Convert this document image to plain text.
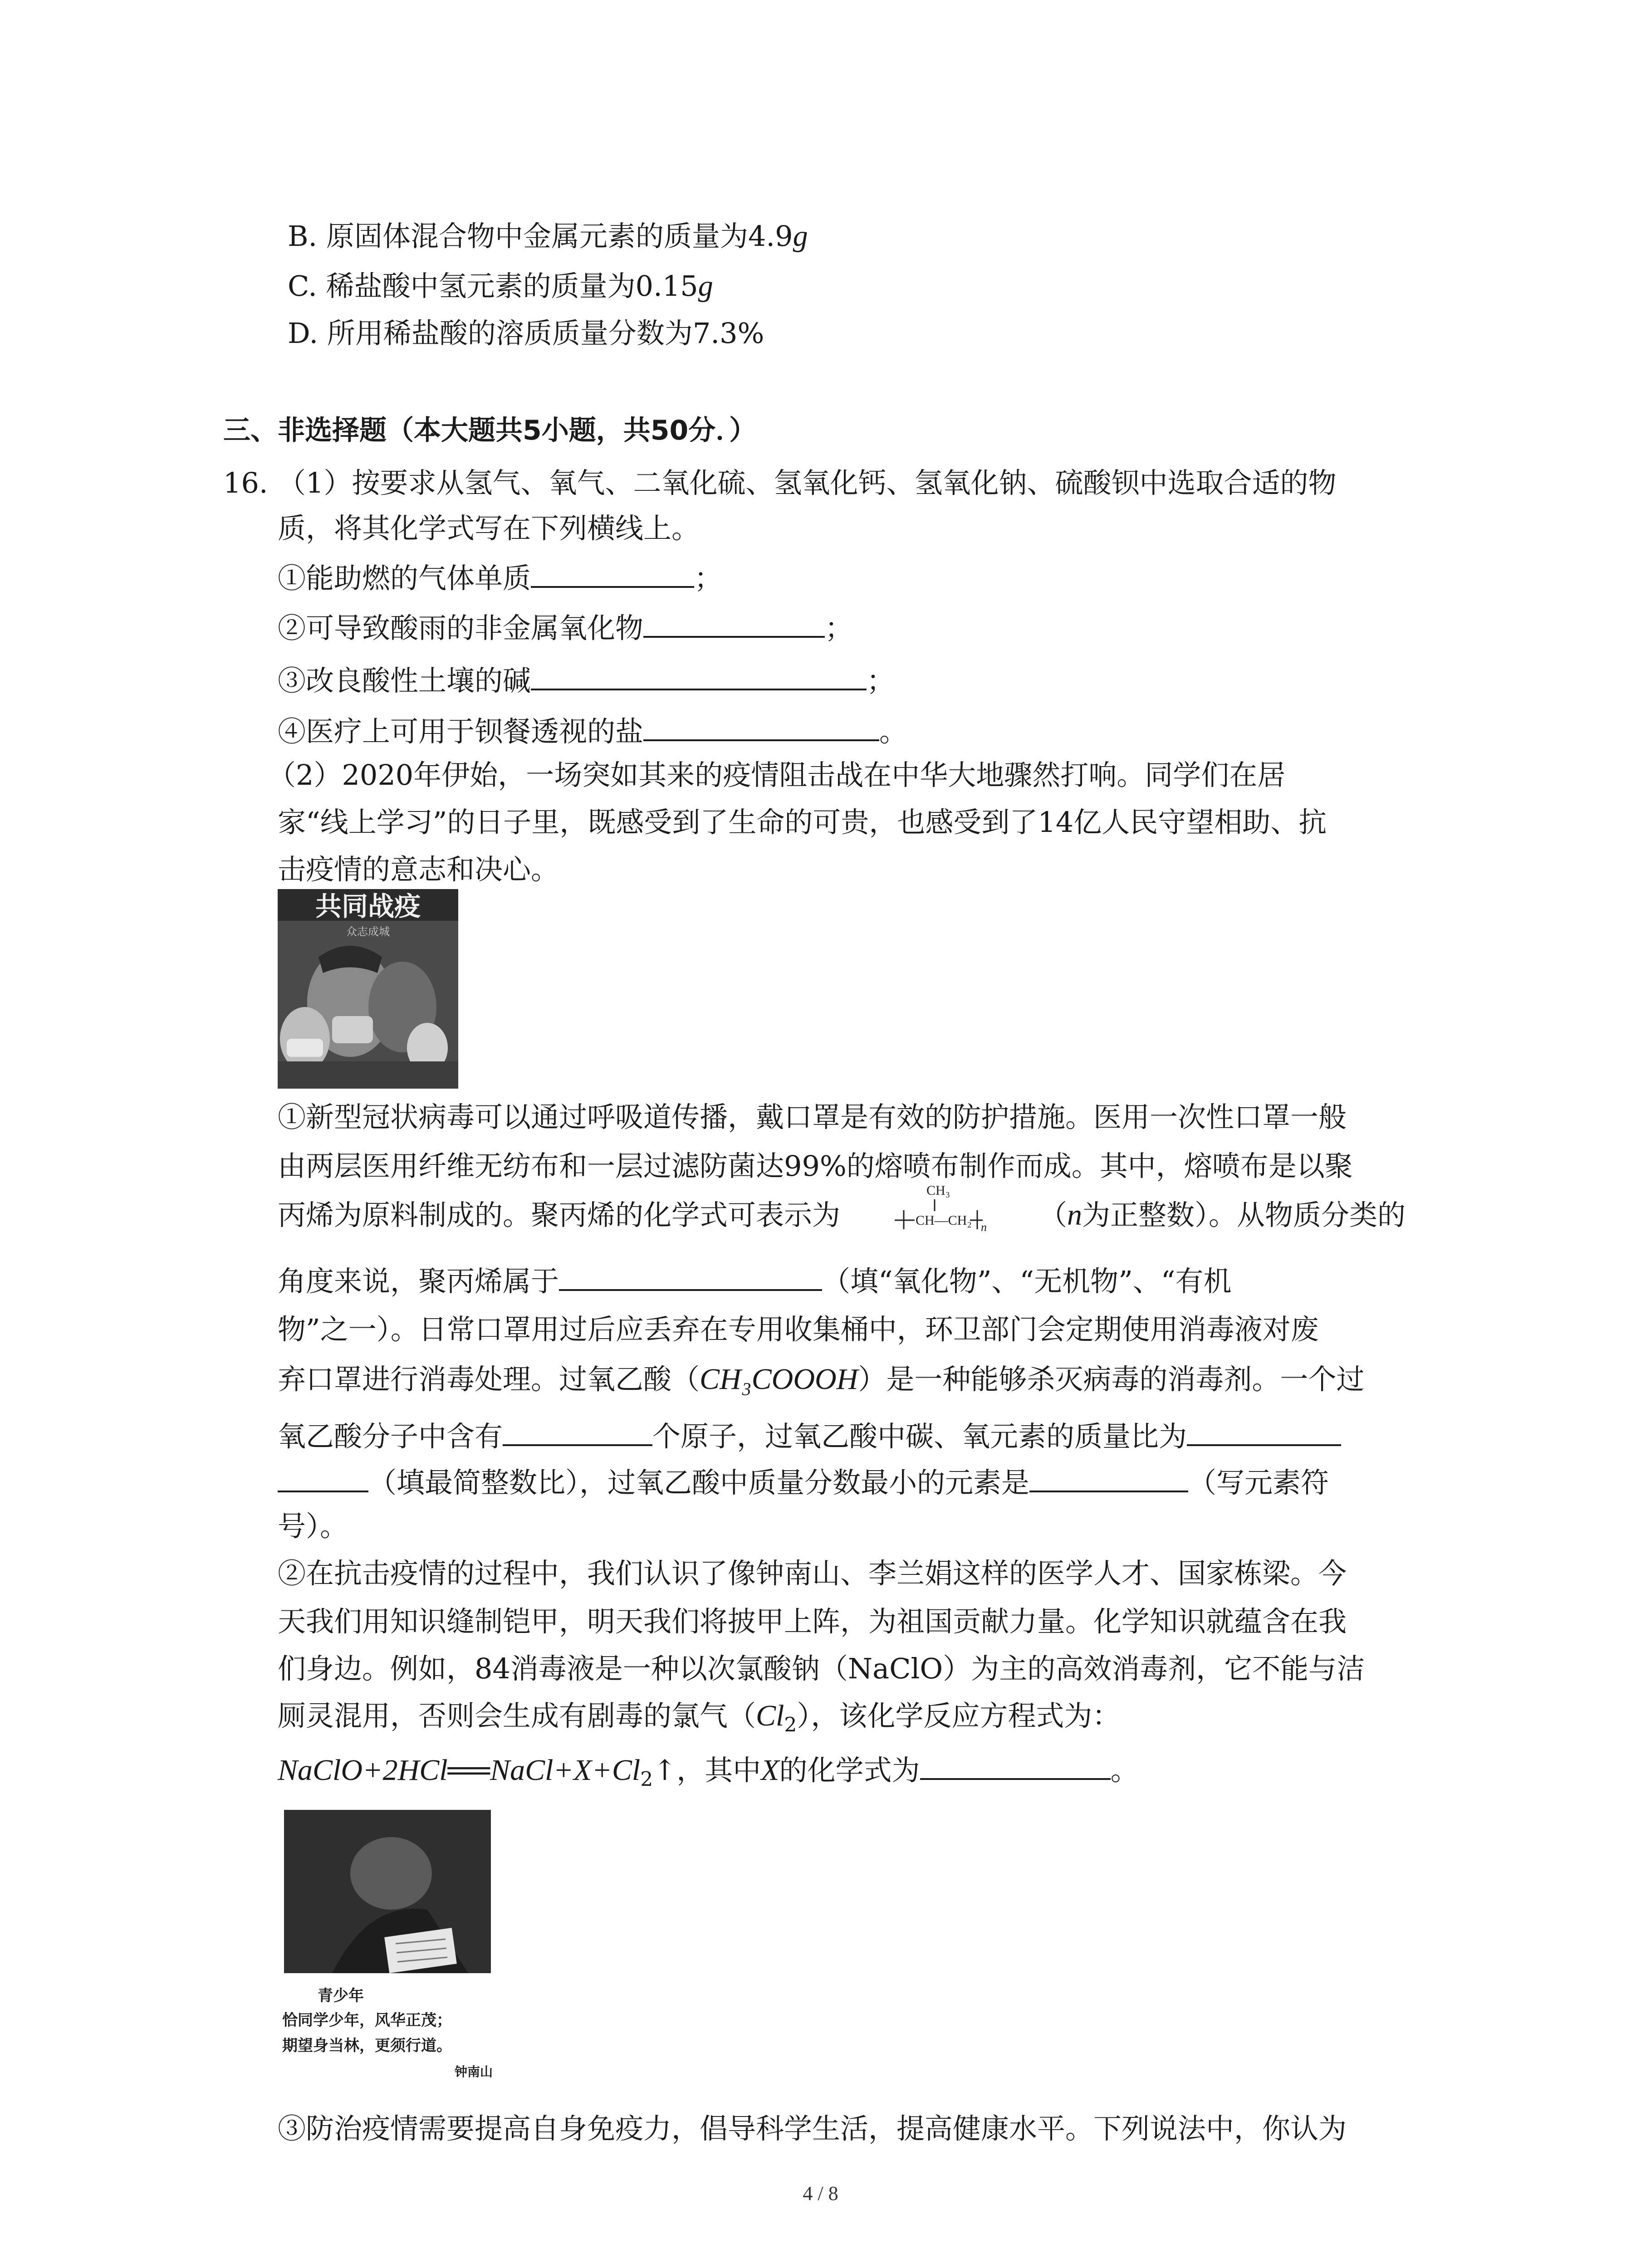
B. 原固体混合物中金属元素的质量为4.9g
C. 稀盐酸中氢元素的质量为0.15g
D. 所用稀盐酸的溶质质量分数为7.3%
三、非选择题（本大题共5小题，共50分．）
16. （1）按要求从氢气、氧气、二氧化硫、氢氧化钙、氢氧化钠、硫酸钡中选取合适的物
质，将其化学式写在下列横线上。
①能助燃的气体单质	；
②可导致酸雨的非金属氧化物	；
③改良酸性土壤的碱	；
④医疗上可用于钡餐透视的盐	。
（2）2020年伊始，一场突如其来的疫情阻击战在中华大地骤然打响。同学们在居
家“线上学习”的日子里，既感受到了生命的可贵，也感受到了14亿人民守望相助、抗
击疫情的意志和决心。
共同战疫
众志成城
①新型冠状病毒可以通过呼吸道传播，戴口罩是有效的防护措施。医用一次性口罩一般
由两层医用纤维无纺布和一层过滤防菌达99%的熔喷布制作而成。其中，熔喷布是以聚
丙烯为原料制成的。聚丙烯的化学式可表示为
CH₃
CH—CH₂ n （n为正整数）。从物质分类的
角度来说，聚丙烯属于	（填“氧化物”、“无机物”、“有机
物”之一）。日常口罩用过后应丢弃在专用收集桶中，环卫部门会定期使用消毒液对废
弃口罩进行消毒处理。过氧乙酸（CH₃COOOH）是一种能够杀灭病毒的消毒剂。一个过
氧乙酸分子中含有	个原子，过氧乙酸中碳、氧元素的质量比为
（填最简整数比），过氧乙酸中质量分数最小的元素是	（写元素符
号）。
②在抗击疫情的过程中，我们认识了像钟南山、李兰娟这样的医学人才、国家栋梁。今
天我们用知识缝制铠甲，明天我们将披甲上阵，为祖国贡献力量。化学知识就蕴含在我
们身边。例如，84消毒液是一种以次氯酸钠（NaClO）为主的高效消毒剂，它不能与洁
厕灵混用，否则会生成有剧毒的氯气$(Cl_2)$，该化学反应方程式为：
$NaClO+2HCl══NaCl+X+Cl_2↑$，其中X的化学式为	。
青少年
恰同学少年，风华正茂；
期望身当林，更须行道。
钟南山
③防治疫情需要提高自身免疫力，倡导科学生活，提高健康水平。下列说法中，你认为
4 / 8
